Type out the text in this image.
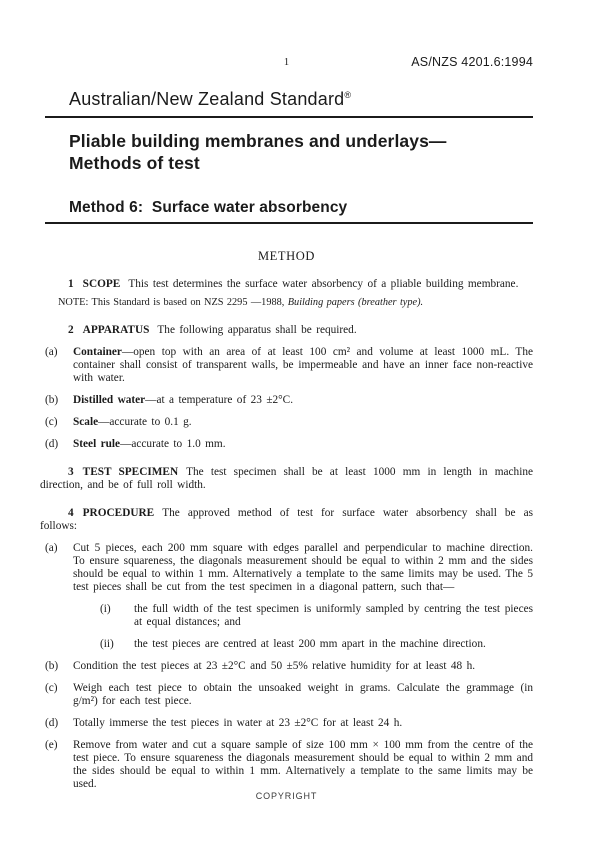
1	AS/NZS 4201.6:1994
Australian/New Zealand Standard®
Pliable building membranes and underlays—
Methods of test
Method 6:  Surface water absorbency
METHOD

1 SCOPE This test determines the surface water absorbency of a pliable building membrane.

NOTE: This Standard is based on NZS 2295 —1988, Building papers (breather type).

2 APPARATUS The following apparatus shall be required.

(a) Container—open top with an area of at least 100 cm² and volume at least 1000 mL. The container shall consist of transparent walls, be impermeable and have an inner face non-reactive with water.
(b) Distilled water—at a temperature of 23 ±2°C.
(c) Scale—accurate to 0.1 g.
(d) Steel rule—accurate to 1.0 mm.

3 TEST SPECIMEN The test specimen shall be at least 1000 mm in length in machine direction, and be of full roll width.

4 PROCEDURE The approved method of test for surface water absorbency shall be as follows:

(a) Cut 5 pieces, each 200 mm square with edges parallel and perpendicular to machine direction. To ensure squareness, the diagonals measurement should be equal to within 2 mm and the sides should be equal to within 1 mm. Alternatively a template to the same limits may be used. The 5 test pieces shall be cut from the test specimen in a diagonal pattern, such that—
(i) the full width of the test specimen is uniformly sampled by centring the test pieces at equal distances; and
(ii) the test pieces are centred at least 200 mm apart in the machine direction.
(b) Condition the test pieces at 23 ±2°C and 50 ±5% relative humidity for at least 48 h.
(c) Weigh each test piece to obtain the unsoaked weight in grams. Calculate the grammage (in g/m²) for each test piece.
(d) Totally immerse the test pieces in water at 23 ±2°C for at least 24 h.
(e) Remove from water and cut a square sample of size 100 mm × 100 mm from the centre of the test piece. To ensure squareness the diagonals measurement should be equal to within 2 mm and the sides should be equal to within 1 mm. Alternatively a template to the same limits may be used.
COPYRIGHT
